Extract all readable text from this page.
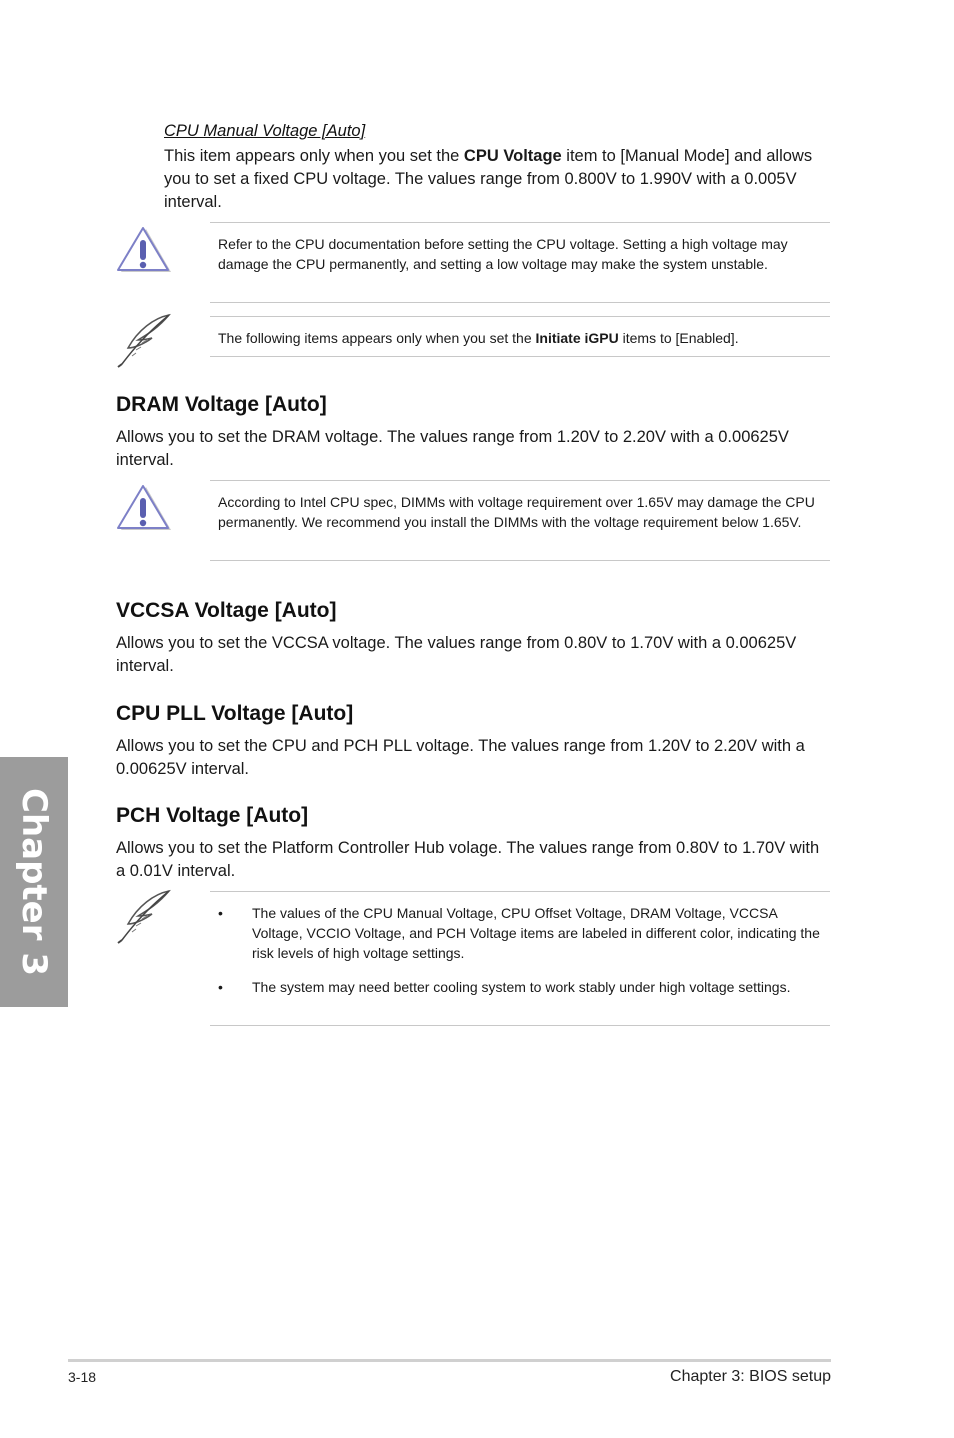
CPU Manual Voltage [Auto]
This item appears only when you set the CPU Voltage item to [Manual Mode] and allows you to set a fixed CPU voltage. The values range from 0.800V to 1.990V with a 0.005V interval.
Refer to the CPU documentation before setting the CPU voltage. Setting a high voltage may damage the CPU permanently, and setting a low voltage may make the system unstable.
The following items appears only when you set the Initiate iGPU items to [Enabled].
DRAM Voltage [Auto]
Allows you to set the DRAM voltage. The values range from 1.20V to 2.20V with a 0.00625V interval.
According to Intel CPU spec, DIMMs with voltage requirement over 1.65V may damage the CPU permanently. We recommend you install the DIMMs with the voltage requirement below 1.65V.
VCCSA Voltage [Auto]
Allows you to set the VCCSA voltage. The values range from 0.80V to 1.70V with a 0.00625V interval.
CPU PLL Voltage [Auto]
Allows you to set the CPU and PCH PLL voltage. The values range from 1.20V to 2.20V with a 0.00625V interval.
PCH Voltage [Auto]
Allows you to set the Platform Controller Hub volage. The values range from 0.80V to 1.70V with a 0.01V interval.
• The values of the CPU Manual Voltage, CPU Offset Voltage, DRAM Voltage, VCCSA Voltage, VCCIO Voltage, and PCH Voltage items are labeled in different color, indicating the risk levels of high voltage settings.
• The system may need better cooling system to work stably under high voltage settings.
Chapter 3
3-18	Chapter 3: BIOS setup
